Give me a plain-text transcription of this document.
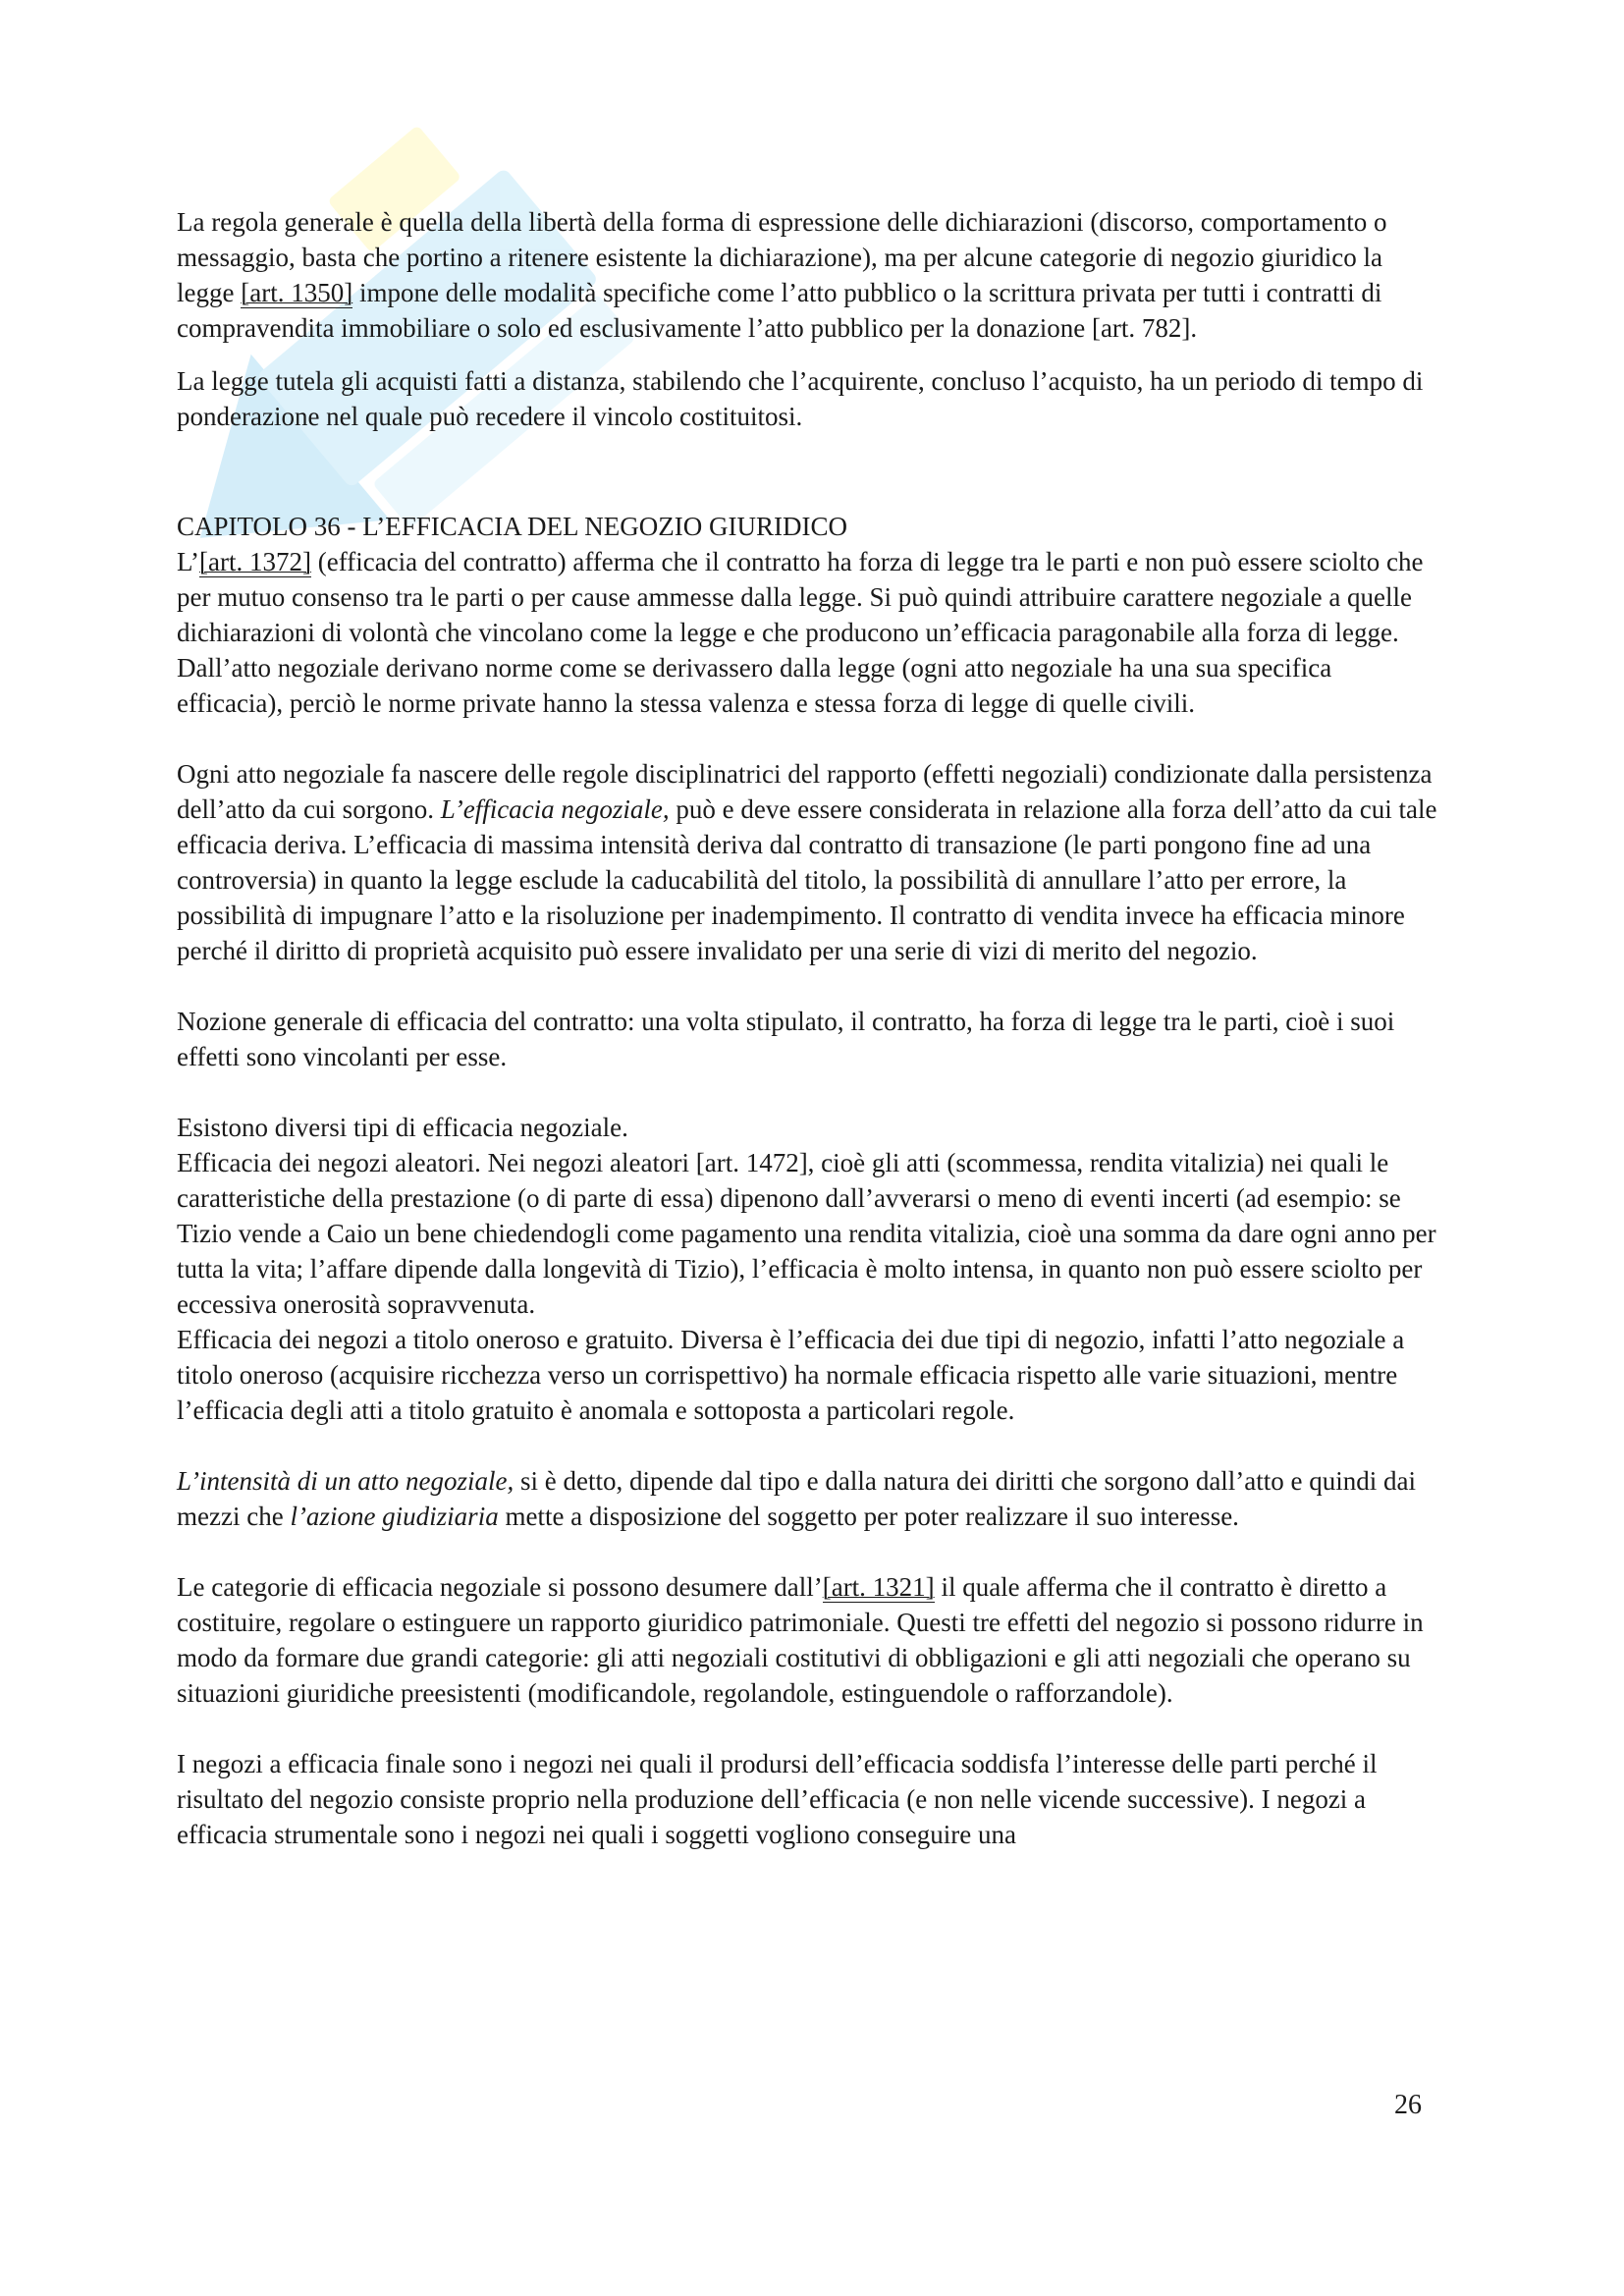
La regola generale è quella della libertà della forma di espressione delle dichiarazioni (discorso, comportamento o messaggio, basta che portino a ritenere esistente la dichiarazione), ma per alcune categorie di negozio giuridico la legge [art. 1350] impone delle modalità specifiche come l’atto pubblico o la scrittura privata per tutti i contratti di compravendita immobiliare o solo ed esclusivamente l’atto pubblico per la donazione [art. 782].

La legge tutela gli acquisti fatti a distanza, stabilendo che l’acquirente, concluso l’acquisto, ha un periodo di tempo di ponderazione nel quale può recedere il vincolo costituitosi.

CAPITOLO 36 - L’EFFICACIA DEL NEGOZIO GIURIDICO

L’[art. 1372] (efficacia del contratto) afferma che il contratto ha forza di legge tra le parti e non può essere sciolto che per mutuo consenso tra le parti o per cause ammesse dalla legge. Si può quindi attribuire carattere negoziale a quelle dichiarazioni di volontà che vincolano come la legge e che producono un’efficacia paragonabile alla forza di legge. Dall’atto negoziale derivano norme come se derivassero dalla legge (ogni atto negoziale ha una sua specifica efficacia), perciò le norme private hanno la stessa valenza e stessa forza di legge di quelle civili.

Ogni atto negoziale fa nascere delle regole disciplinatrici del rapporto (effetti negoziali) condizionate dalla persistenza dell’atto da cui sorgono. L’efficacia negoziale, può e deve essere considerata in relazione alla forza dell’atto da cui tale efficacia deriva. L’efficacia di massima intensità deriva dal contratto di transazione (le parti pongono fine ad una controversia) in quanto la legge esclude la caducabilità del titolo, la possibilità di annullare l’atto per errore, la possibilità di impugnare l’atto e la risoluzione per inadempimento. Il contratto di vendita invece ha efficacia minore perché il diritto di proprietà acquisito può essere invalidato per una serie di vizi di merito del negozio.

Nozione generale di efficacia del contratto: una volta stipulato, il contratto, ha forza di legge tra le parti, cioè i suoi effetti sono vincolanti per esse.

Esistono diversi tipi di efficacia negoziale.

Efficacia dei negozi aleatori. Nei negozi aleatori [art. 1472], cioè gli atti (scommessa, rendita vitalizia) nei quali le caratteristiche della prestazione (o di parte di essa) dipenono dall’avverarsi o meno di eventi incerti (ad esempio: se Tizio vende a Caio un bene chiedendogli come pagamento una rendita vitalizia, cioè una somma da dare ogni anno per tutta la vita; l’affare dipende dalla longevità di Tizio), l’efficacia è molto intensa, in quanto non può essere sciolto per eccessiva onerosità sopravvenuta.

Efficacia dei negozi a titolo oneroso e gratuito. Diversa è l’efficacia dei due tipi di negozio, infatti l’atto negoziale a titolo oneroso (acquisire ricchezza verso un corrispettivo) ha normale efficacia rispetto alle varie situazioni, mentre l’efficacia degli atti a titolo gratuito è anomala e sottoposta a particolari regole.

L’intensità di un atto negoziale, si è detto, dipende dal tipo e dalla natura dei diritti che sorgono dall’atto e quindi dai mezzi che l’azione giudiziaria mette a disposizione del soggetto per poter realizzare il suo interesse.

Le categorie di efficacia negoziale si possono desumere dall’[art. 1321] il quale afferma che il contratto è diretto a costituire, regolare o estinguere un rapporto giuridico patrimoniale. Questi tre effetti del negozio si possono ridurre in modo da formare due grandi categorie: gli atti negoziali costitutivi di obbligazioni e gli atti negoziali che operano su situazioni giuridiche preesistenti (modificandole, regolandole, estinguendole o rafforzandole).

I negozi a efficacia finale sono i negozi nei quali il prodursi dell’efficacia soddisfa l’interesse delle parti perché il risultato del negozio consiste proprio nella produzione dell’efficacia (e non nelle vicende successive). I negozi a efficacia strumentale sono i negozi nei quali i soggetti vogliono conseguire una

26
